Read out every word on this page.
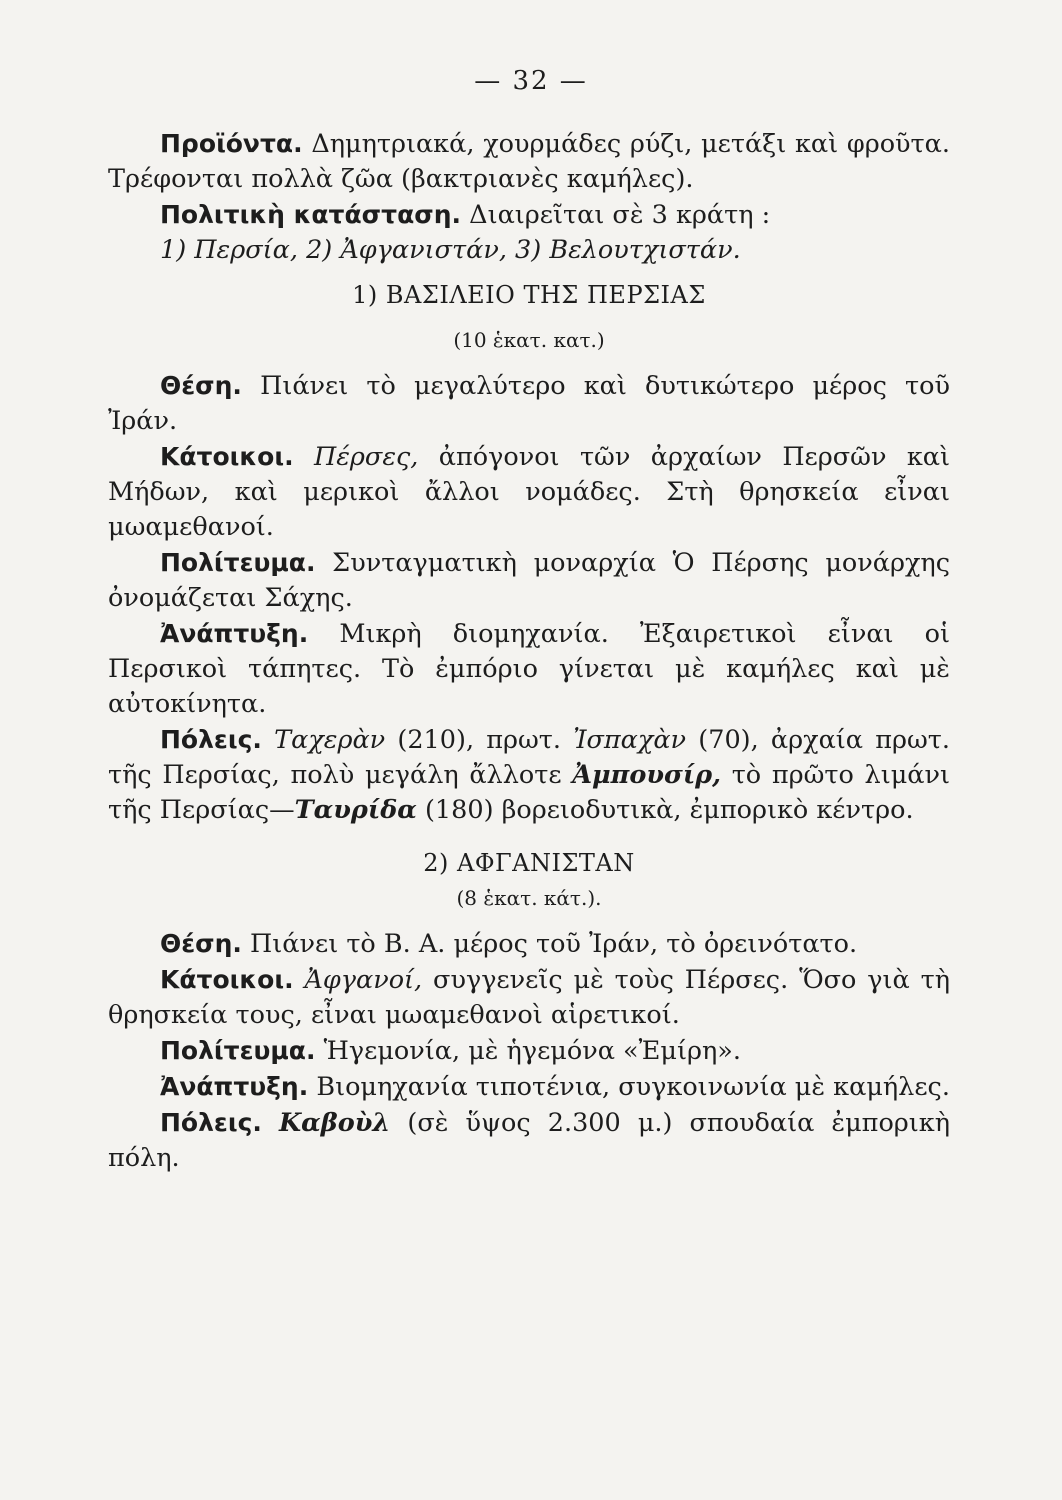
— 32 —

Προϊόντα. Δημητριακά, χουρμάδες ρύζι, μετάξι καὶ φροῦτα. Τρέφονται πολλὰ ζῶα (βακτριανὲς καμήλες).

Πολιτικὴ κατάσταση. Διαιρεῖται σὲ 3 κράτη :

1) Περσία, 2) Ἀφγανιστάν, 3) Βελουτχιστάν.

1) ΒΑΣΙΛΕΙΟ ΤΗΣ ΠΕΡΣΙΑΣ

(10 ἑκατ. κατ.)

Θέση. Πιάνει τὸ μεγαλύτερο καὶ δυτικώτερο μέρος τοῦ Ἰράν.

Κάτοικοι. Πέρσες, ἀπόγονοι τῶν ἀρχαίων Περσῶν καὶ Μήδων, καὶ μερικοὶ ἄλλοι νομάδες. Στὴ θρησκεία εἶναι μωαμεθανοί.

Πολίτευμα. Συνταγματικὴ μοναρχία Ὁ Πέρσης μονάρχης ὀνομάζεται Σάχης.

Ἀνάπτυξη. Μικρὴ διομηχανία. Ἐξαιρετικοὶ εἶναι οἱ Περσικοὶ τάπητες. Τὸ ἐμπόριο γίνεται μὲ καμήλες καὶ μὲ αὐτοκίνητα.

Πόλεις. Ταχερὰν (210), πρωτ. Ἰσπαχὰν (70), ἀρχαία πρωτ. τῆς Περσίας, πολὺ μεγάλη ἄλλοτε Ἀμπουσίρ, τὸ πρῶτο λιμάνι τῆς Περσίας—Ταυρίδα (180) βορειοδυτικὰ, ἐμπορικὸ κέντρο.

2) ΑΦΓΑΝΙΣΤΑΝ

(8 ἑκατ. κάτ.).

Θέση. Πιάνει τὸ Β. Α. μέρος τοῦ Ἰράν, τὸ ὀρεινότατο.

Κάτοικοι. Ἀφγανοί, συγγενεῖς μὲ τοὺς Πέρσες. Ὅσο γιὰ τὴ θρησκεία τους, εἶναι μωαμεθανοὶ αἱρετικοί.

Πολίτευμα. Ἡγεμονία, μὲ ἡγεμόνα «Ἐμίρη».

Ἀνάπτυξη. Βιομηχανία τιποτένια, συγκοινωνία μὲ καμήλες.

Πόλεις. Καβοὺλ (σὲ ὕψος 2.300 μ.) σπουδαία ἐμπορικὴ πόλη.
